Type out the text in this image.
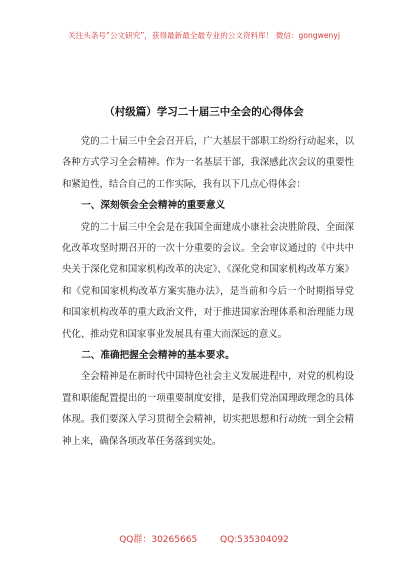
关注头条号“公文研究”，获得最新最全最专业的公文资料库！ 微信：gongwenyj
（村级篇）学习二十届三中全会的心得体会

党的二十届三中全会召开后，广大基层干部职工纷纷行动起来，以各种方式学习全会精神。作为一名基层干部，我深感此次会议的重要性和紧迫性，结合自己的工作实际，我有以下几点心得体会：

一、深刻领会全会精神的重要意义

党的二十届三中全会是在我国全面建成小康社会决胜阶段、全面深化改革攻坚时期召开的一次十分重要的会议。全会审议通过的《中共中央关于深化党和国家机构改革的决定》、《深化党和国家机构改革方案》和《党和国家机构改革方案实施办法》，是当前和今后一个时期指导党和国家机构改革的重大政治文件，对于推进国家治理体系和治理能力现代化、推动党和国家事业发展具有重大而深远的意义。

二、准确把握全会精神的基本要求。

全会精神是在新时代中国特色社会主义发展进程中，对党的机构设置和职能配置提出的一项重要制度安排，是我们党治国理政理念的具体体现。我们要深入学习贯彻全会精神，切实把思想和行动统一到全会精神上来，确保各项改革任务落到实处。

QQ群：30265665	QQ:535304092
